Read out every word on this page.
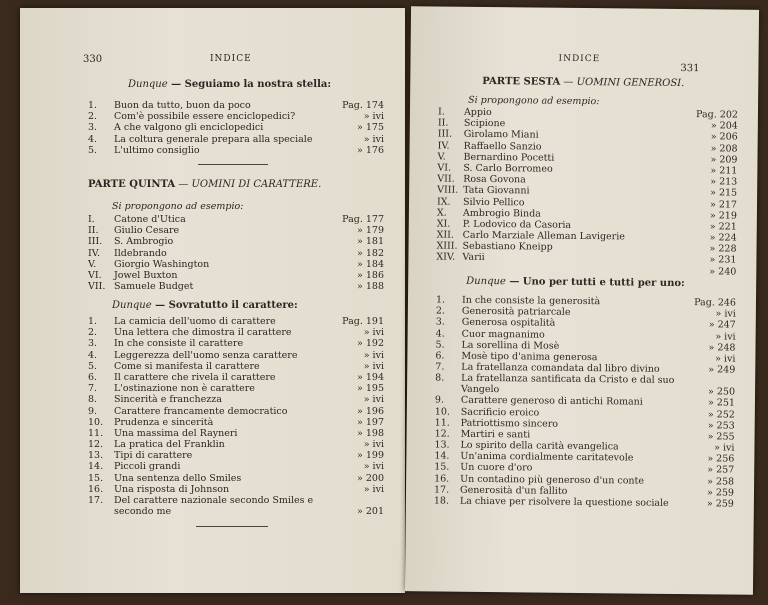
330	INDICE
Dunque — Seguiamo la nostra stella:
1. Buon da tutto, buon da poco	Pag. 174
2. Com'è possibile essere enciclopedici?	» ivi
3. A che valgono gli enciclopedici	» 175
4. La coltura generale prepara alla speciale	» ivi
5. L'ultimo consiglio	» 176
PARTE QUINTA — UOMINI DI CARATTERE.
Si propongono ad esempio:
I. Catone d'Utica	Pag. 177
II. Giulio Cesare	» 179
III. S. Ambrogio	» 181
IV. Ildebrando	» 182
V. Giorgio Washington	» 184
VI. Jowel Buxton	» 186
VII. Samuele Budget	» 188
Dunque — Sovratutto il carattere:
1. La camicia dell'uomo di carattere	Pag. 191
2. Una lettera che dimostra il carattere	» ivi
3. In che consiste il carattere	» 192
4. Leggerezza dell'uomo senza carattere	» ivi
5. Come si manifesta il carattere	» ivi
6. Il carattere che rivela il carattere	» 194
7. L'ostinazione non è carattere	» 195
8. Sincerità e franchezza	» ivi
9. Carattere francamente democratico	» 196
10. Prudenza e sincerità	» 197
11. Una massima del Rayneri	» 198
12. La pratica del Franklin	» ivi
13. Tipi di carattere	» 199
14. Piccoli grandi	» ivi
15. Una sentenza dello Smiles	» 200
16. Una risposta di Johnson	» ivi
17. Del carattere nazionale secondo Smiles e secondo me	» 201
INDICE
331
PARTE SESTA — UOMINI GENEROSI.
Si propongono ad esempio:
I. Appio	Pag. 202
II. Scipione	» 204
III. Girolamo Miani	» 206
IV. Raffaello Sanzio	» 208
V. Bernardino Pocetti	» 209
VI. S. Carlo Borromeo	» 211
VII. Rosa Govona	» 213
VIII. Tata Giovanni	» 215
IX. Silvio Pellico	» 217
X. Ambrogio Binda	» 219
XI. P. Lodovico da Casoria	» 221
XII. Carlo Marziale Alleman Lavigerie	» 224
XIII. Sebastiano Kneipp	» 228
XIV. Varii	» 231
» 240
Dunque — Uno per tutti e tutti per uno:
1. In che consiste la generosità	Pag. 246
2. Generosità patriarcale	» ivi
3. Generosa ospitalità	» 247
4. Cuor magnanimo	» ivi
5. La sorellina di Mosè	» 248
6. Mosè tipo d'anima generosa	» ivi
7. La fratellanza comandata dal libro divino	» 249
8. La fratellanza santificata da Cristo e dal suo Vangelo	» 250
9. Carattere generoso di antichi Romani	» 251
10. Sacrificio eroico	» 252
11. Patriottismo sincero	» 253
12. Martiri e santi	» 255
13. Lo spirito della carità evangelica	» ivi
14. Un'anima cordialmente caritatevole	» 256
15. Un cuore d'oro	» 257
16. Un contadino più generoso d'un conte	» 258
17. Generosità d'un fallito	» 259
18. La chiave per risolvere la questione sociale	» 259
